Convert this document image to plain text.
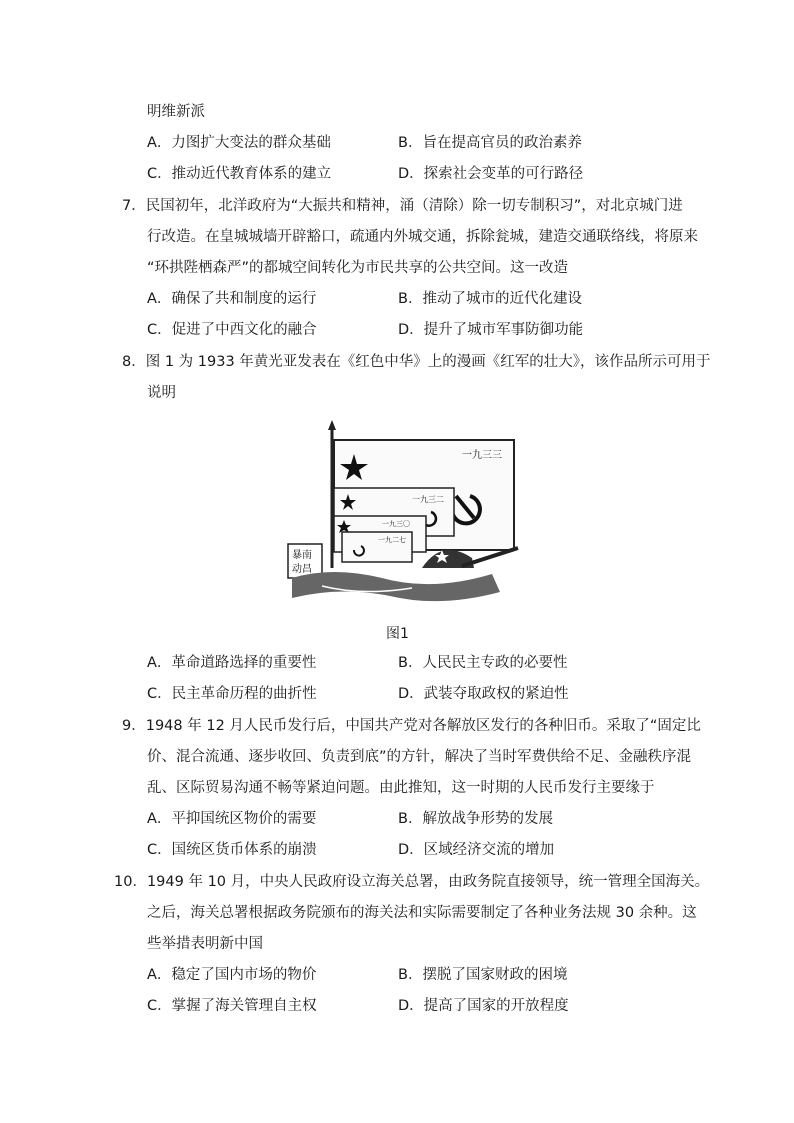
明维新派
A．力图扩大变法的群众基础	B．旨在提高官员的政治素养
C．推动近代教育体系的建立	D．探索社会变革的可行路径
7．民国初年，北洋政府为“大振共和精神，涌（清除）除一切专制积习”，对北京城门进
行改造。在皇城城墙开辟豁口，疏通内外城交通，拆除瓮城，建造交通联络线，将原来
“环拱陛栖森严”的都城空间转化为市民共享的公共空间。这一改造
A．确保了共和制度的运行	B．推动了城市的近代化建设
C．促进了中西文化的融合	D．提升了城市军事防御功能
8．图 1 为 1933 年黄光亚发表在《红色中华》上的漫画《红军的壮大》，该作品所示可用于
说明
一九三三
一九三二
一九三〇
一九二七
暴南
动昌
图1
A．革命道路选择的重要性	B．人民民主专政的必要性
C．民主革命历程的曲折性	D．武装夺取政权的紧迫性
9．1948 年 12 月人民币发行后，中国共产党对各解放区发行的各种旧币。采取了“固定比
价、混合流通、逐步收回、负责到底”的方针，解决了当时军费供给不足、金融秩序混
乱、区际贸易沟通不畅等紧迫问题。由此推知，这一时期的人民币发行主要缘于
A．平抑国统区物价的需要	B．解放战争形势的发展
C．国统区货币体系的崩溃	D．区域经济交流的增加
10．1949 年 10 月，中央人民政府设立海关总署，由政务院直接领导，统一管理全国海关。
之后，海关总署根据政务院颁布的海关法和实际需要制定了各种业务法规 30 余种。这
些举措表明新中国
A．稳定了国内市场的物价	B．摆脱了国家财政的困境
C．掌握了海关管理自主权	D．提高了国家的开放程度
